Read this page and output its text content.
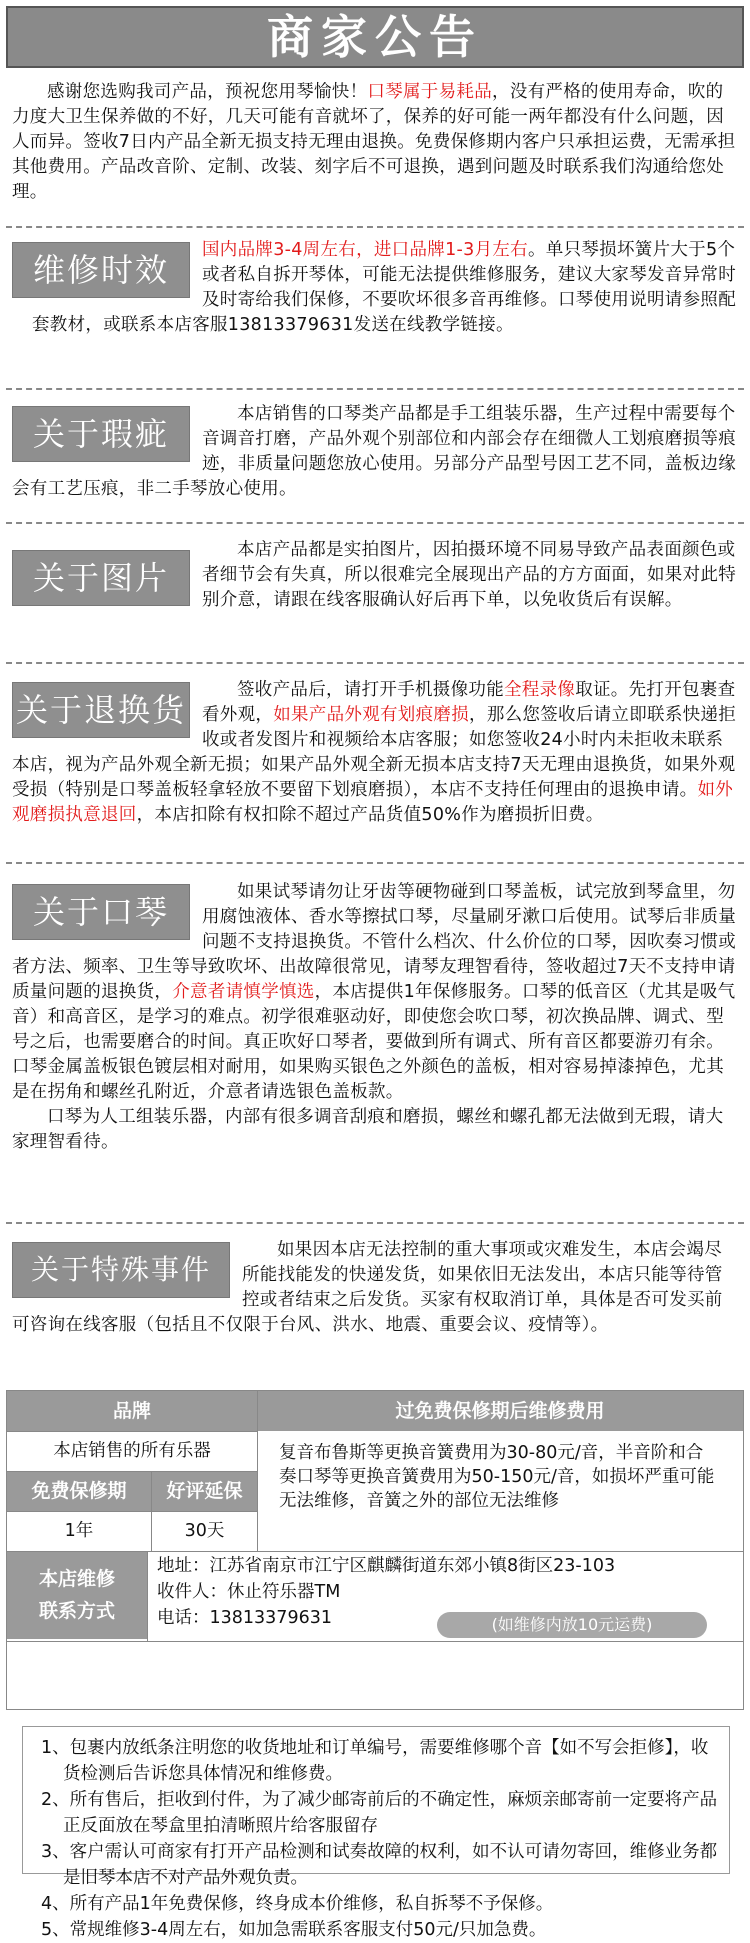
商家公告

感谢您选购我司产品，预祝您用琴愉快！口琴属于易耗品，没有严格的使用寿命，吹的力度大卫生保养做的不好，几天可能有音就坏了，保养的好可能一两年都没有什么问题，因人而异。签收7日内产品全新无损支持无理由退换。免费保修期内客户只承担运费，无需承担其他费用。产品改音阶、定制、改装、刻字后不可退换，遇到问题及时联系我们沟通给您处理。

维修时效

国内品牌3-4周左右，进口品牌1-3月左右。单只琴损坏簧片大于5个或者私自拆开琴体，可能无法提供维修服务，建议大家琴发音异常时及时寄给我们保修，不要吹坏很多音再维修。口琴使用说明请参照配套教材，或联系本店客服13813379631发送在线教学链接。

关于瑕疵

本店销售的口琴类产品都是手工组装乐器，生产过程中需要每个音调音打磨，产品外观个别部位和内部会存在细微人工划痕磨损等痕迹，非质量问题您放心使用。另部分产品型号因工艺不同，盖板边缘会有工艺压痕，非二手琴放心使用。

关于图片

本店产品都是实拍图片，因拍摄环境不同易导致产品表面颜色或者细节会有失真，所以很难完全展现出产品的方方面面，如果对此特别介意，请跟在线客服确认好后再下单，以免收货后有误解。

关于退换货

签收产品后，请打开手机摄像功能全程录像取证。先打开包裹查看外观，如果产品外观有划痕磨损，那么您签收后请立即联系快递拒收或者发图片和视频给本店客服；如您签收24小时内未拒收未联系本店，视为产品外观全新无损；如果产品外观全新无损本店支持7天无理由退换货，如果外观受损（特别是口琴盖板轻拿轻放不要留下划痕磨损），本店不支持任何理由的退换申请。如外观磨损执意退回，本店扣除有权扣除不超过产品货值50%作为磨损折旧费。

关于口琴

如果试琴请勿让牙齿等硬物碰到口琴盖板，试完放到琴盒里，勿用腐蚀液体、香水等擦拭口琴，尽量刷牙漱口后使用。试琴后非质量问题不支持退换货。不管什么档次、什么价位的口琴，因吹奏习惯或者方法、频率、卫生等导致吹坏、出故障很常见，请琴友理智看待，签收超过7天不支持申请质量问题的退换货，介意者请慎学慎选，本店提供1年保修服务。口琴的低音区（尤其是吸气音）和高音区，是学习的难点。初学很难驱动好，即使您会吹口琴，初次换品牌、调式、型号之后，也需要磨合的时间。真正吹好口琴者，要做到所有调式、所有音区都要游刃有余。口琴金属盖板银色镀层相对耐用，如果购买银色之外颜色的盖板，相对容易掉漆掉色，尤其是在拐角和螺丝孔附近，介意者请选银色盖板款。

口琴为人工组装乐器，内部有很多调音刮痕和磨损，螺丝和螺孔都无法做到无瑕，请大家理智看待。

关于特殊事件

如果因本店无法控制的重大事项或灾难发生，本店会竭尽所能找能发的快递发货，如果依旧无法发出，本店只能等待管控或者结束之后发货。买家有权取消订单，具体是否可发买前可咨询在线客服（包括且不仅限于台风、洪水、地震、重要会议、疫情等）。

品牌	过免费保修期后维修费用
本店销售的所有乐器
免费保修期	好评延保
1年	30天
复音布鲁斯等更换音簧费用为30-80元/音，半音阶和合奏口琴等更换音簧费用为50-150元/音，如损坏严重可能无法维修，音簧之外的部位无法维修
本店维修
联系方式
地址：江苏省南京市江宁区麒麟街道东郊小镇8街区23-103
收件人：休止符乐器TM
电话：13813379631	(如维修内放10元运费)

1、包裹内放纸条注明您的收货地址和订单编号，需要维修哪个音【如不写会拒修】，收货检测后告诉您具体情况和维修费。

2、所有售后，拒收到付件，为了减少邮寄前后的不确定性，麻烦亲邮寄前一定要将产品正反面放在琴盒里拍清晰照片给客服留存

3、客户需认可商家有打开产品检测和试奏故障的权利，如不认可请勿寄回，维修业务都是旧琴本店不对产品外观负责。

4、所有产品1年免费保修，终身成本价维修，私自拆琴不予保修。

5、常规维修3-4周左右，如加急需联系客服支付50元/只加急费。
